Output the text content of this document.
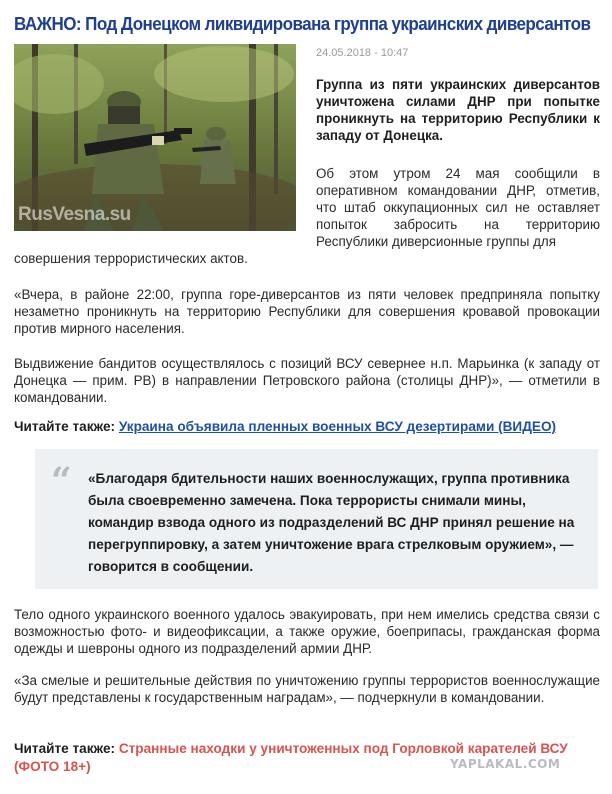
ВАЖНО: Под Донецком ликвидирована группа украинских диверсантов
RusVesna.su
24.05.2018 - 10:47

Группа из пяти украинских диверсантов уничтожена силами ДНР при попытке проникнуть на территорию Республики к западу от Донецка.

Об этом утром 24 мая сообщили в оперативном командовании ДНР, отметив, что штаб оккупационных сил не оставляет попыток забросить на территорию Республики диверсионные группы для

совершения террористических актов.

«Вчера, в районе 22:00, группа горе-диверсантов из пяти человек предприняла попытку незаметно проникнуть на территорию Республики для совершения кровавой провокации против мирного населения.

Выдвижение бандитов осуществлялось с позиций ВСУ севернее н.п. Марьинка (к западу от Донецка — прим. РВ) в направлении Петровского района (столицы ДНР)», — отметили в командовании.

Читайте также: Украина объявила пленных военных ВСУ дезертирами (ВИДЕО)

“ «Благодаря бдительности наших военнослужащих, группа противника была своевременно замечена. Пока террористы снимали мины, командир взвода одного из подразделений ВС ДНР принял решение на перегруппировку, а затем уничтожение врага стрелковым оружием», — говорится в сообщении.

Тело одного украинского военного удалось эвакуировать, при нем имелись средства связи с возможностью фото- и видеофиксации, а также оружие, боеприпасы, гражданская форма одежды и шевроны одного из подразделений армии ДНР.

«За смелые и решительные действия по уничтожению группы террористов военнослужащие будут представлены к государственным наградам», — подчеркнули в командовании.

Читайте также: Странные находки у уничтоженных под Горловкой карателей ВСУ (ФОТО 18+)	YAPLAKAL.COM
